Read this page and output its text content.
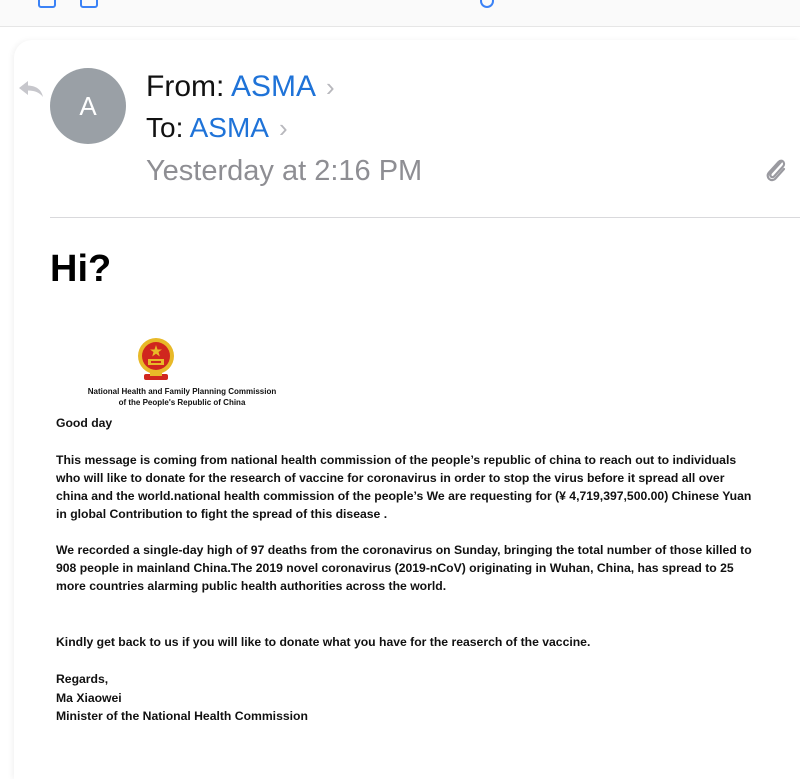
A
From: ASMA ›
To: ASMA ›
Yesterday at 2:16 PM
Hi?
National Health and Family Planning Commission
of the People's Republic of China
Good day
This message is coming from national health commission of the people’s republic of china to reach out to individuals who will like to donate for the research of vaccine for coronavirus in order to stop the virus before it spread all over china and the world.national health commission of the people’s We are requesting for (¥ 4,719,397,500.00) Chinese Yuan in global Contribution to fight the spread of this disease .
We recorded a single-day high of 97 deaths from the coronavirus on Sunday, bringing the total number of those killed to 908 people in mainland China.The 2019 novel coronavirus (2019-nCoV) originating in Wuhan, China, has spread to 25 more countries alarming public health authorities across the world.
Kindly get back to us if you will like to donate what you have for the reaserch of the vaccine.
Regards,
Ma Xiaowei
Minister of the National Health Commission
